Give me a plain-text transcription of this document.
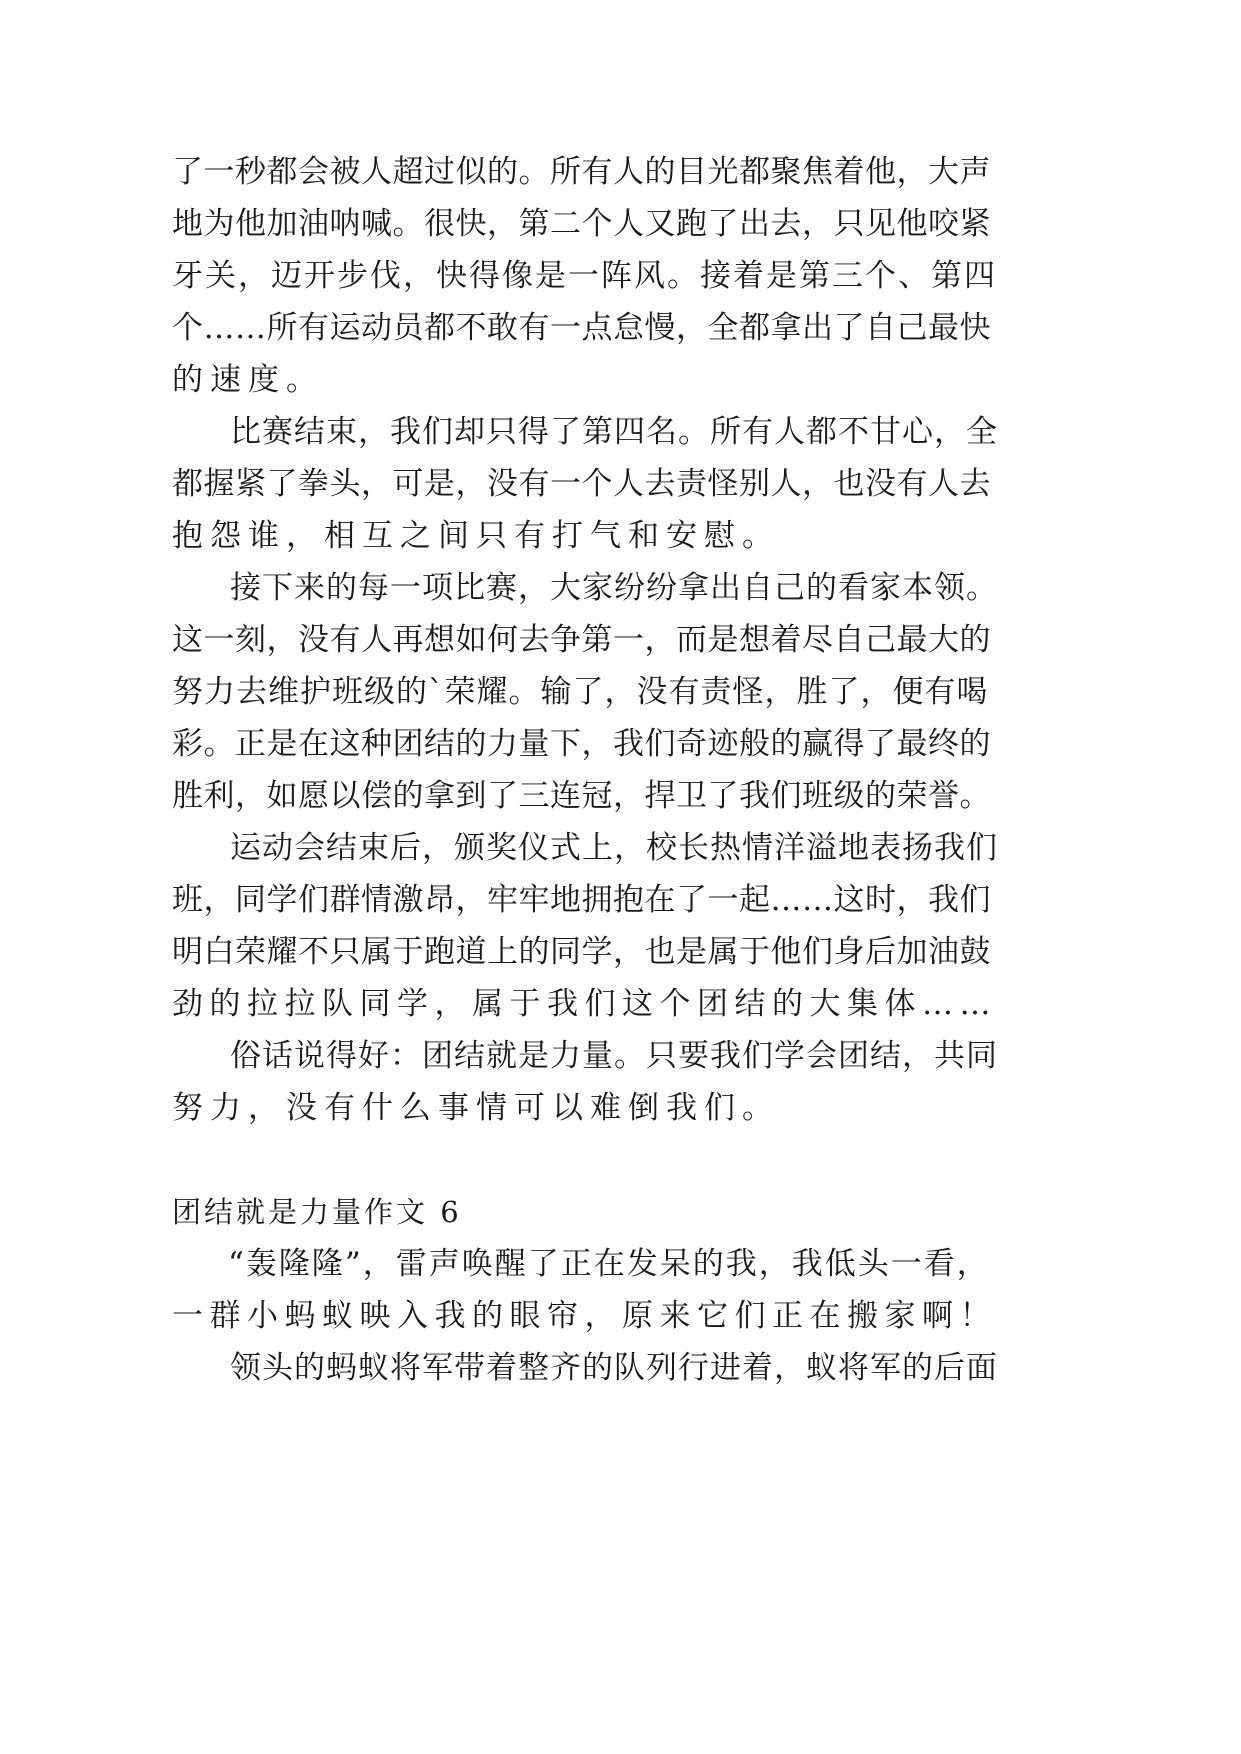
了一秒都会被人超过似的。所有人的目光都聚焦着他，大声
地为他加油呐喊。很快，第二个人又跑了出去，只见他咬紧
牙关，迈开步伐，快得像是一阵风。接着是第三个、第四
个……所有运动员都不敢有一点怠慢，全都拿出了自己最快
的速度。
比赛结束，我们却只得了第四名。所有人都不甘心，全
都握紧了拳头，可是，没有一个人去责怪别人，也没有人去
抱怨谁，相互之间只有打气和安慰。
接下来的每一项比赛，大家纷纷拿出自己的看家本领。
这一刻，没有人再想如何去争第一，而是想着尽自己最大的
努力去维护班级的`荣耀。输了，没有责怪，胜了，便有喝
彩。正是在这种团结的力量下，我们奇迹般的赢得了最终的
胜利，如愿以偿的拿到了三连冠，捍卫了我们班级的荣誉。
运动会结束后，颁奖仪式上，校长热情洋溢地表扬我们
班，同学们群情激昂，牢牢地拥抱在了一起……这时，我们
明白荣耀不只属于跑道上的同学，也是属于他们身后加油鼓
劲的拉拉队同学，属于我们这个团结的大集体……
俗话说得好：团结就是力量。只要我们学会团结，共同
努力，没有什么事情可以难倒我们。
团结就是力量作文 6
“轰隆隆”，雷声唤醒了正在发呆的我，我低头一看，
一群小蚂蚁映入我的眼帘，原来它们正在搬家啊！
领头的蚂蚁将军带着整齐的队列行进着，蚁将军的后面
